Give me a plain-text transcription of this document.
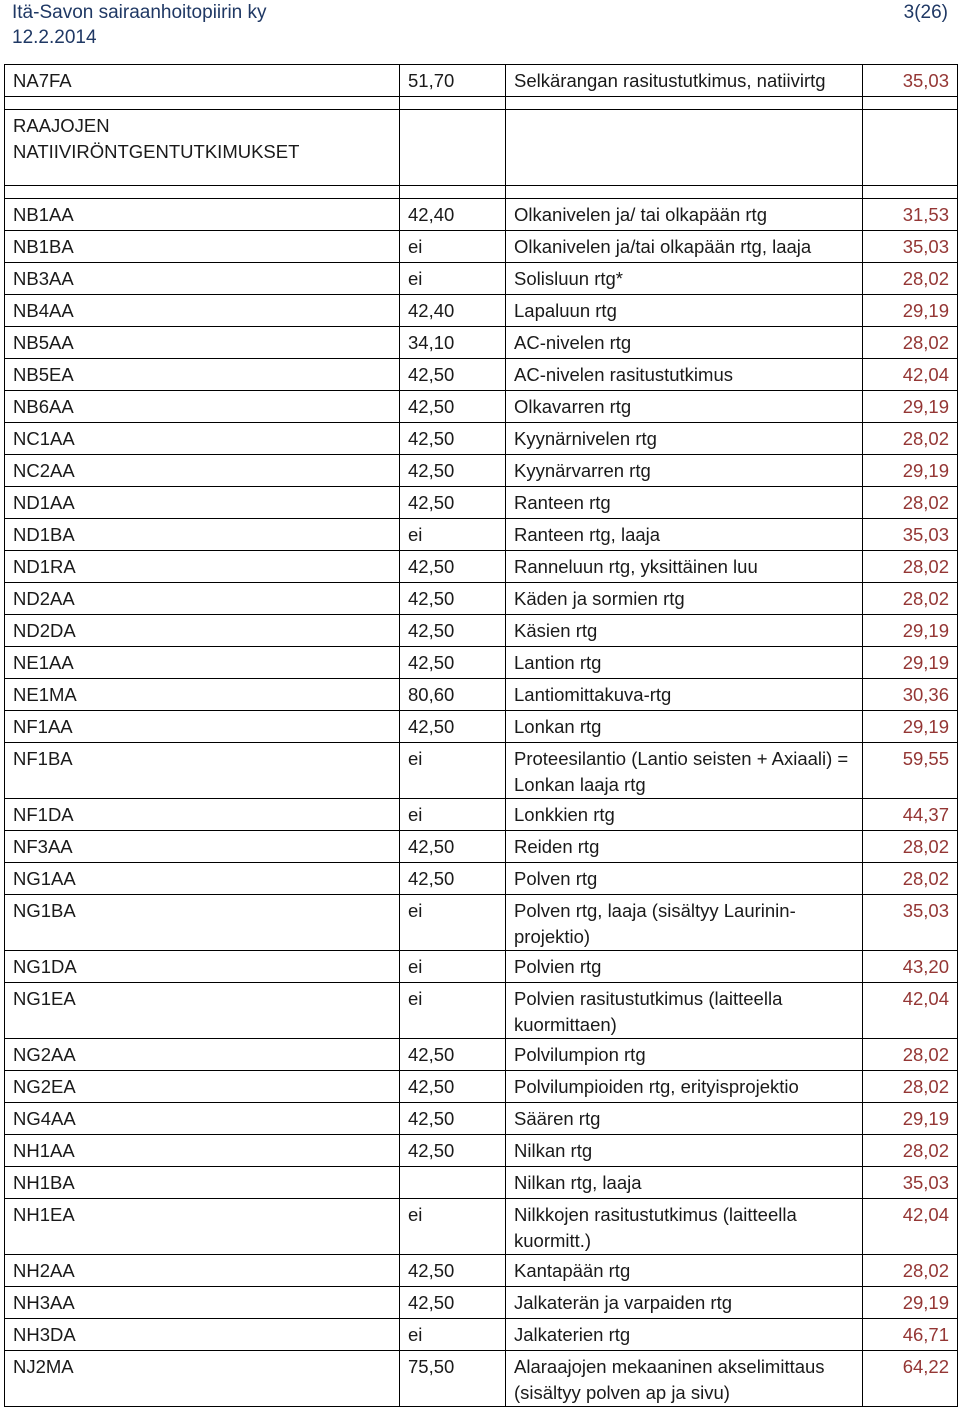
Itä-Savon sairaanhoitopiirin ky
12.2.2014
3(26)
NA7FA	51,70	Selkärangan rasitustutkimus, natiivirtg	35,03

RAAJOJEN
NATIIVIRÖNTGENTUTKIMUKSET			

NB1AA	42,40	Olkanivelen ja/ tai olkapään rtg	31,53
NB1BA	ei	Olkanivelen ja/tai olkapään rtg, laaja	35,03
NB3AA	ei	Solisluun rtg*	28,02
NB4AA	42,40	Lapaluun rtg	29,19
NB5AA	34,10	AC-nivelen rtg	28,02
NB5EA	42,50	AC-nivelen rasitustutkimus	42,04
NB6AA	42,50	Olkavarren rtg	29,19
NC1AA	42,50	Kyynärnivelen rtg	28,02
NC2AA	42,50	Kyynärvarren rtg	29,19
ND1AA	42,50	Ranteen rtg	28,02
ND1BA	ei	Ranteen rtg, laaja	35,03
ND1RA	42,50	Ranneluun rtg, yksittäinen luu	28,02
ND2AA	42,50	Käden ja sormien rtg	28,02
ND2DA	42,50	Käsien rtg	29,19
NE1AA	42,50	Lantion rtg	29,19
NE1MA	80,60	Lantiomittakuva-rtg	30,36
NF1AA	42,50	Lonkan rtg	29,19
NF1BA	ei	Proteesilantio (Lantio seisten + Axiaali) = Lonkan laaja rtg	59,55
NF1DA	ei	Lonkkien rtg	44,37
NF3AA	42,50	Reiden rtg	28,02
NG1AA	42,50	Polven rtg	28,02
NG1BA	ei	Polven rtg, laaja (sisältyy Laurinin-projektio)	35,03
NG1DA	ei	Polvien rtg	43,20
NG1EA	ei	Polvien rasitustutkimus (laitteella kuormittaen)	42,04
NG2AA	42,50	Polvilumpion rtg	28,02
NG2EA	42,50	Polvilumpioiden rtg, erityisprojektio	28,02
NG4AA	42,50	Säären rtg	29,19
NH1AA	42,50	Nilkan rtg	28,02
NH1BA		Nilkan rtg, laaja	35,03
NH1EA	ei	Nilkkojen rasitustutkimus (laitteella kuormitt.)	42,04
NH2AA	42,50	Kantapään rtg	28,02
NH3AA	42,50	Jalkaterän ja varpaiden rtg	29,19
NH3DA	ei	Jalkaterien rtg	46,71
NJ2MA	75,50	Alaraajojen mekaaninen akselimittaus (sisältyy polven ap ja sivu)	64,22
